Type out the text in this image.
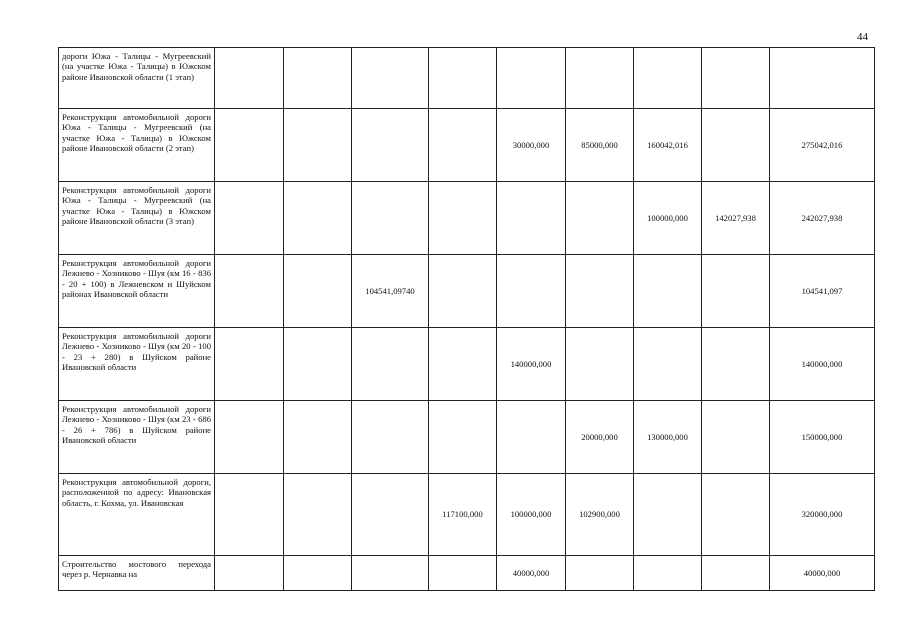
44
дороги Южа - Талицы - Мугреевский (на участке Южа - Талицы) в Южском районе Ивановской области (1 этап)									
Реконструкция автомобильной дороги Южа - Талицы - Мугреевский (на участке Южа - Талицы) в Южском районе Ивановской области (2 этап)					30000,000	85000,000	160042,016		275042,016
Реконструкция автомобильной дороги Южа - Талицы - Мугреевский (на участке Южа - Талицы) в Южском районе Ивановской области (3 этап)							100000,000	142027,938	242027,938
Реконструкция автомобильной дороги Лежнево - Хозниково - Шуя (км 16 - 836 - 20 + 100) в Лежневском и Шуйском районах Ивановской области			104541,09740						104541,097
Реконструкция автомобильной дороги Лежнево - Хозниково - Шуя (км 20 - 100 - 23 + 280) в Шуйском районе Ивановской области					140000,000				140000,000
Реконструкция автомобильной дороги Лежнево - Хозниково - Шуя (км 23 - 686 - 26 + 786) в Шуйском районе Ивановской области						20000,000	130000,000		150000,000
Реконструкция автомобильной дороги, расположенной по адресу: Ивановская область, г. Кохма, ул. Ивановская				117100,000	100000,000	102900,000			320000,000
Строительство мостового перехода через р. Чернавка на					40000,000				40000,000
